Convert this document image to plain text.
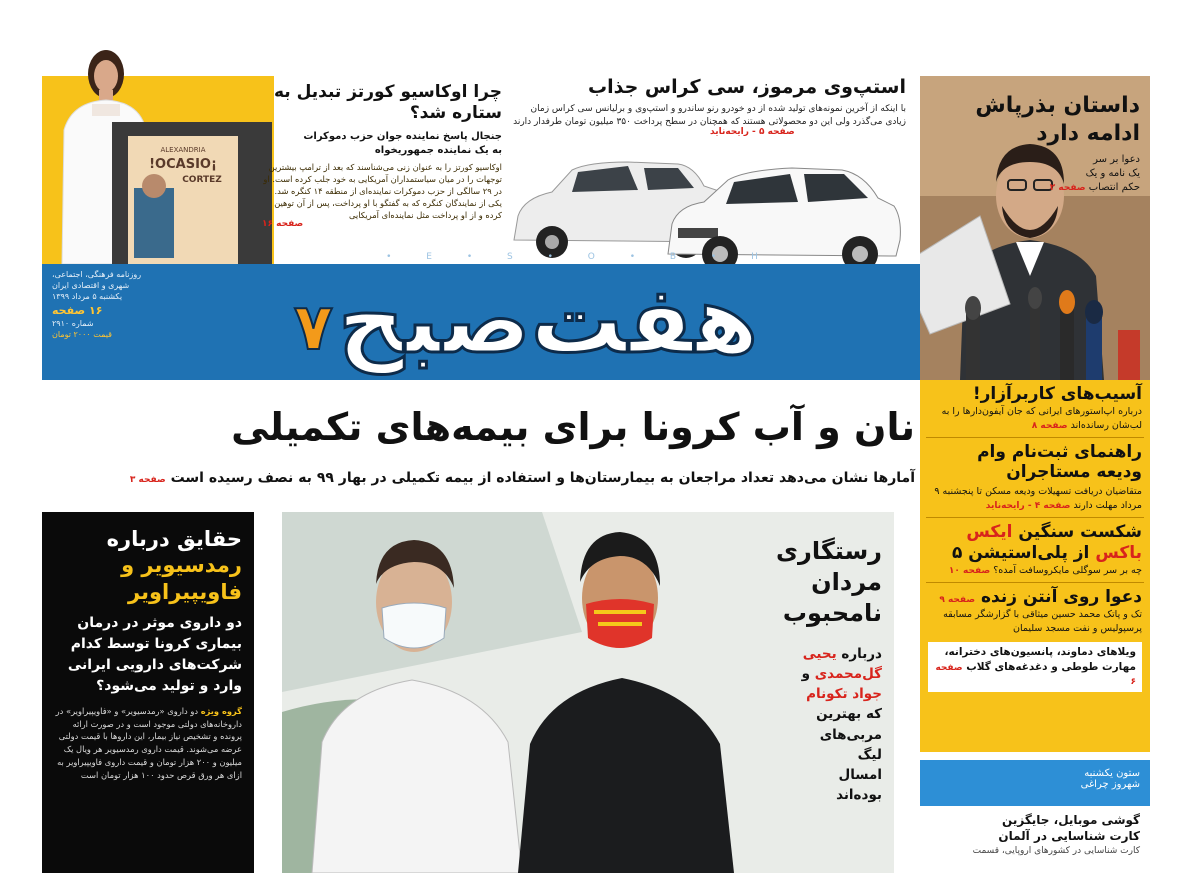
ALEXANDRIA
¡OCASIO!
CORTEZ
چرا اوکاسیو کورتز تبدیل به ستاره شد؟
جنجال پاسخ نماینده جوان حزب دموکرات
به یک نماینده جمهوریخواه
اوکاسیو کورتز را به عنوان زنی می‌شناسند که بعد از ترامپ بیشترین توجهات را در میان سیاستمداران آمریکایی به خود جلب کرده است. او در ۲۹ سالگی از حزب دموکرات نماینده‌ای از منطقه ۱۴ کنگره شد. یکی از نمایندگان کنگره که به گفتگو با او پرداخت، پس از آن توهین کرده و از او پرداخت مثل نماینده‌ای آمریکایی
صفحه ۱۶
استپ‌وی مرموز، سی کراس جذاب
با اینکه از آخرین نمونه‌های تولید شده از دو خودرو رنو ساندرو و استپ‌وی و برلیانس سی کراس زمان زیادی می‌گذرد ولی این دو محصولاتی هستند که همچنان در سطح پرداخت ۳۵۰ میلیون تومان طرفدار دارند
صفحه ۵ - رایحه‌ناید
• E • S • O • B • H
هفت‌صبح ۷
روزنامه فرهنگی، اجتماعی،
شهری و اقتصادی ایران
یکشنبه ۵ مرداد ۱۳۹۹
۱۶ صفحه
شماره ۲۹۱۰
قیمت ۲۰۰۰ تومان
داستان بذرپاش
ادامه دارد
دعوا بر سر
یک نامه و یک
حکم انتصاب صفحه ۲
نان و آب کرونا برای بیمه‌های تکمیلی
آمارها نشان می‌دهد تعداد مراجعان به بیمارستان‌ها و استفاده از بیمه تکمیلی در بهار ۹۹ به نصف رسیده است صفحه ۳
آسیب‌های کاربرآزار!
درباره اپ‌استورهای ایرانی که جان آیفون‌دارها را به لب‌شان رسانده‌اند صفحه ۸
راهنمای ثبت‌نام وام ودیعه مستاجران
متقاضیان دریافت تسهیلات ودیعه مسکن تا پنجشنبه ۹ مرداد مهلت دارند صفحه ۴ - رایحه‌ناید
شکست سنگین ایکس باکس از پلی‌استیشن ۵
چه بر سر سوگلی مایکروسافت آمده؟ صفحه ۱۰
دعوا روی آنتن زنده صفحه ۹
تک و پاتک محمد حسین میثاقی با گزارشگر مسابقه پرسپولیس و نفت مسجد سلیمان
ویلاهای دماوند، پانسیون‌های دخترانه، مهارت طوطی و دغدغه‌های گلاب صفحه ۶
ستون یکشنبه
شهروز چراغی
گوشی موبایل، جایگزین
کارت شناسایی در آلمان
کارت شناسایی در کشورهای اروپایی، قسمت
حقایق درباره
رمدسیویر و
فاویپیراویر
دو داروی موثر در درمان بیماری کرونا توسط کدام شرکت‌های دارویی ایرانی وارد و تولید می‌شود؟
گروه ویژه دو داروی «رمدسیویر» و «فاویپیراویر» در داروخانه‌های دولتی موجود است و در صورت ارائه پرونده و تشخیص نیاز بیمار، این داروها با قیمت دولتی عرضه می‌شوند. قیمت داروی رمدسیویر هر ویال یک میلیون و ۲۰۰ هزار تومان و قیمت داروی فاویپیراویر به ازای هر ورق قرص حدود ۱۰۰ هزار تومان است
رستگاری
مردان
نامحبوب
درباره یحیی
گل‌محمدی و
جواد تکونام
که بهترین
مربی‌های
لیگ
امسال
بوده‌اند
